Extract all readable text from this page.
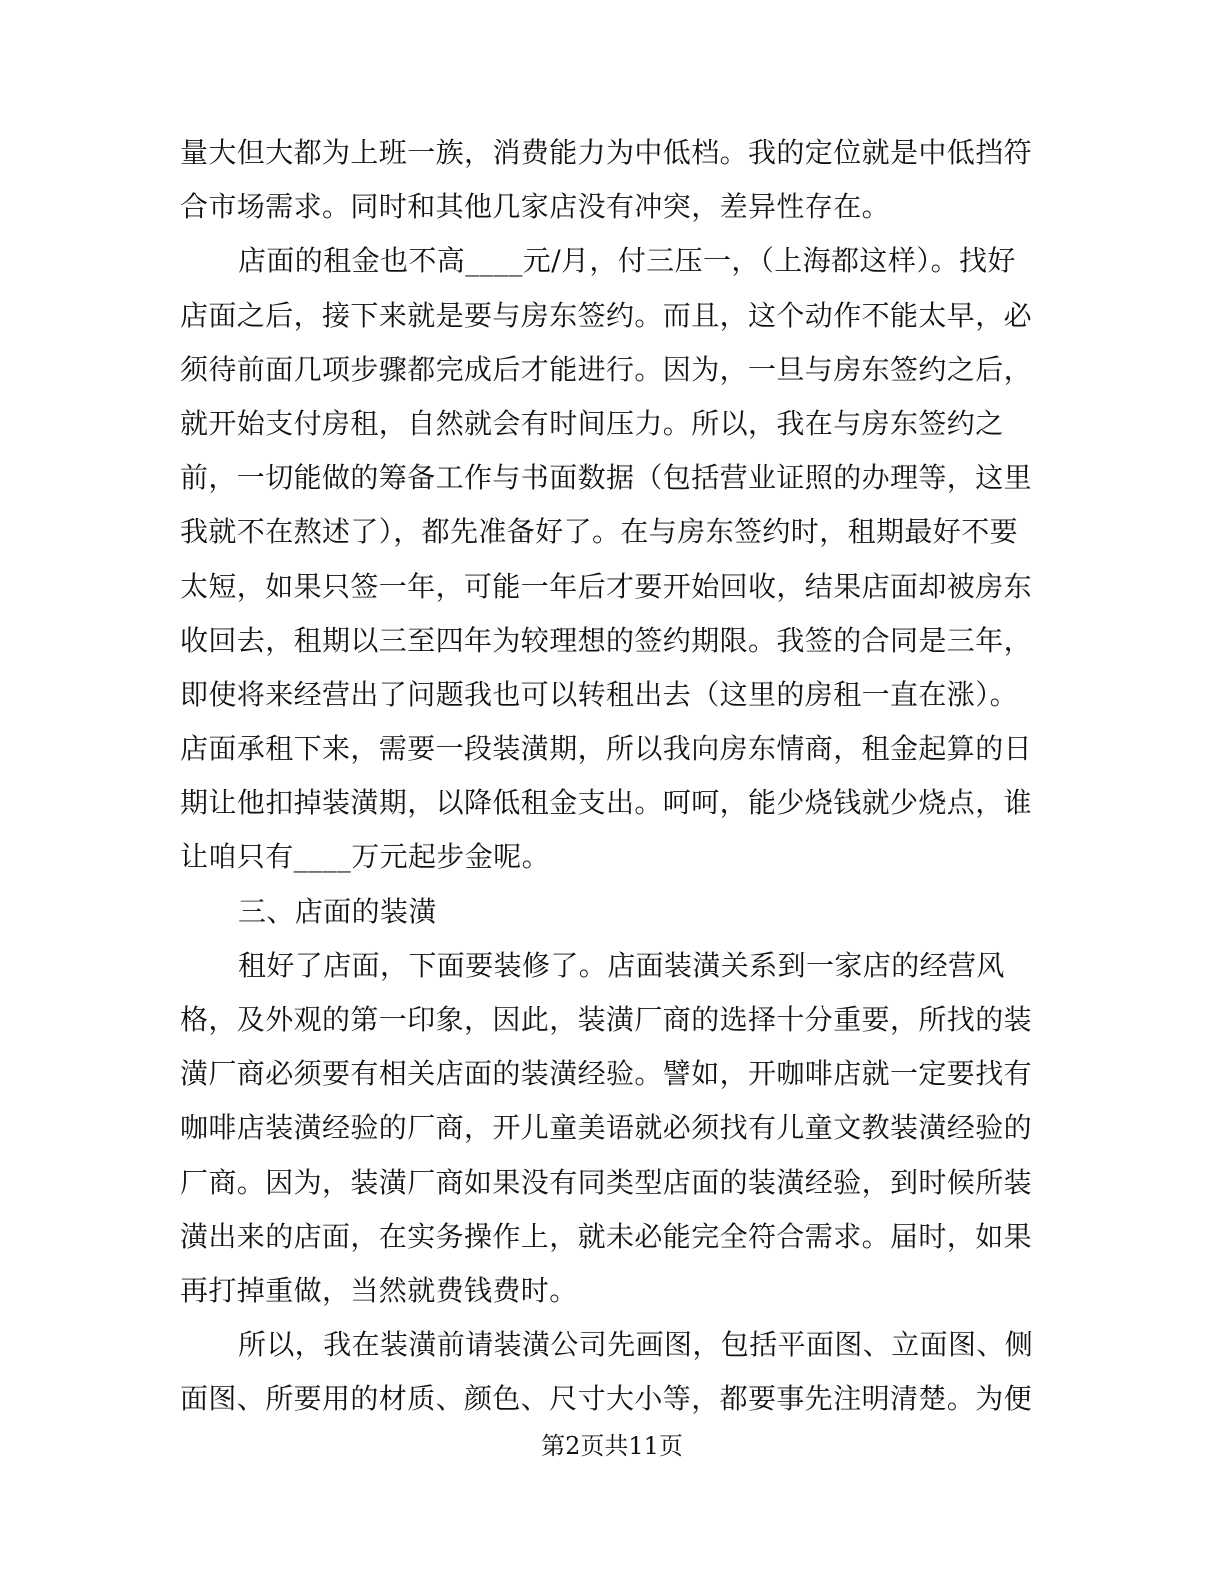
量大但大都为上班一族，消费能力为中低档。我的定位就是中低挡符
合市场需求。同时和其他几家店没有冲突，差异性存在。
店面的租金也不高____元/月，付三压一，（上海都这样）。找好
店面之后，接下来就是要与房东签约。而且，这个动作不能太早，必
须待前面几项步骤都完成后才能进行。因为，一旦与房东签约之后，
就开始支付房租，自然就会有时间压力。所以，我在与房东签约之
前，一切能做的筹备工作与书面数据（包括营业证照的办理等，这里
我就不在熬述了），都先准备好了。在与房东签约时，租期最好不要
太短，如果只签一年，可能一年后才要开始回收，结果店面却被房东
收回去，租期以三至四年为较理想的签约期限。我签的合同是三年，
即使将来经营出了问题我也可以转租出去（这里的房租一直在涨）。
店面承租下来，需要一段装潢期，所以我向房东情商，租金起算的日
期让他扣掉装潢期，以降低租金支出。呵呵，能少烧钱就少烧点，谁
让咱只有____万元起步金呢。
三、店面的装潢
租好了店面，下面要装修了。店面装潢关系到一家店的经营风
格，及外观的第一印象，因此，装潢厂商的选择十分重要，所找的装
潢厂商必须要有相关店面的装潢经验。譬如，开咖啡店就一定要找有
咖啡店装潢经验的厂商，开儿童美语就必须找有儿童文教装潢经验的
厂商。因为，装潢厂商如果没有同类型店面的装潢经验，到时候所装
潢出来的店面，在实务操作上，就未必能完全符合需求。届时，如果
再打掉重做，当然就费钱费时。
所以，我在装潢前请装潢公司先画图，包括平面图、立面图、侧
面图、所要用的材质、颜色、尺寸大小等，都要事先注明清楚。为便
第2页共11页
